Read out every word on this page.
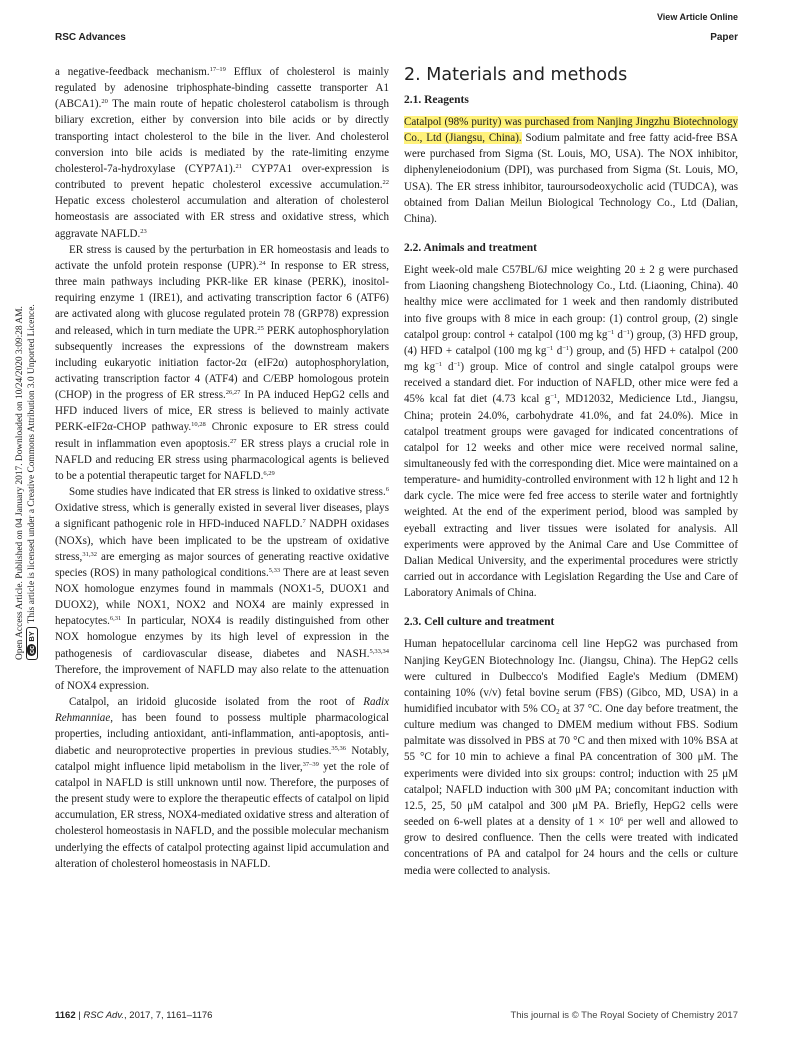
View Article Online
RSC Advances	Paper
Open Access Article. Published on 04 January 2017. Downloaded on 10/24/2020 3:09:28 AM. ccBYThis article is licensed under a Creative Commons Attribution 3.0 Unported Licence.

a negative-feedback mechanism.$^{17-19}$ Efflux of cholesterol is mainly regulated by adenosine triphosphate-binding cassette transporter A1 (ABCA1).$^{20}$ The main route of hepatic cholesterol catabolism is through biliary excretion, either by conversion into bile acids or by directly transporting intact cholesterol to the bile in the liver. And cholesterol conversion into bile acids is mediated by the rate-limiting enzyme cholesterol-7a-hydroxylase (CYP7A1).$^{21}$ CYP7A1 over-expression is contributed to prevent hepatic cholesterol excessive accumulation.$^{22}$ Hepatic excess cholesterol accumulation and alteration of cholesterol homeostasis are associated with ER stress and oxidative stress, which aggravate NAFLD.$^{23}$

ER stress is caused by the perturbation in ER homeostasis and leads to activate the unfold protein response (UPR).$^{24}$ In response to ER stress, three main pathways including PKR-like ER kinase (PERK), inositol-requiring enzyme 1 (IRE1), and activating transcription factor 6 (ATF6) are activated along with glucose regulated protein 78 (GRP78) expression and released, which in turn mediate the UPR.$^{25}$ PERK autophosphorylation subsequently increases the expressions of the downstream makers including eukaryotic initiation factor-2α (eIF2α) autophosphorylation, activating transcription factor 4 (ATF4) and C/EBP homologous protein (CHOP) in the progress of ER stress.$^{26,27}$ In PA induced HepG2 cells and HFD induced livers of mice, ER stress is believed to mainly activate PERK-eIF2α-CHOP pathway.$^{10,28}$ Chronic exposure to ER stress could result in inflammation even apoptosis.$^{27}$ ER stress plays a crucial role in NAFLD and reducing ER stress using pharmacological agents is believed to be a potential therapeutic target for NAFLD.$^{6,29}$

Some studies have indicated that ER stress is linked to oxidative stress.$^6$ Oxidative stress, which is generally existed in several liver diseases, plays a significant pathogenic role in HFD-induced NAFLD.$^7$ NADPH oxidases (NOXs), which have been implicated to be the upstream of oxidative stress,$^{31,32}$ are emerging as major sources of generating reactive oxidative species (ROS) in many pathological conditions.$^{5,33}$ There are at least seven NOX homologue enzymes found in mammals (NOX1-5, DUOX1 and DUOX2), while NOX1, NOX2 and NOX4 are mainly expressed in hepatocytes.$^{6,31}$ In particular, NOX4 is readily distinguished from other NOX homologue enzymes by its high level of expression in the pathogenesis of cardiovascular disease, diabetes and NASH.$^{5,33,34}$ Therefore, the improvement of NAFLD may also relate to the attenuation of NOX4 expression.

Catalpol, an iridoid glucoside isolated from the root of Radix Rehmanniae, has been found to possess multiple pharmacological properties, including antioxidant, anti-inflammation, anti-apoptosis, anti-diabetic and neuroprotective properties in previous studies.$^{35,36}$ Notably, catalpol might influence lipid metabolism in the liver,$^{37-39}$ yet the role of catalpol in NAFLD is still unknown until now. Therefore, the purposes of the present study were to explore the therapeutic effects of catalpol on lipid accumulation, ER stress, NOX4-mediated oxidative stress and alteration of cholesterol homeostasis in NAFLD, and the possible molecular mechanism underlying the effects of catalpol protecting against lipid accumulation and alteration of cholesterol homeostasis in NAFLD.

2. Materials and methods
2.1. Reagents

Catalpol (98% purity) was purchased from Nanjing Jingzhu Biotechnology Co., Ltd (Jiangsu, China). Sodium palmitate and free fatty acid-free BSA were purchased from Sigma (St. Louis, MO, USA). The NOX inhibitor, diphenyleneiodonium (DPI), was purchased from Sigma (St. Louis, MO, USA). The ER stress inhibitor, tauroursodeoxycholic acid (TUDCA), was obtained from Dalian Meilun Biological Technology Co., Ltd (Dalian, China).

2.2. Animals and treatment

Eight week-old male C57BL/6J mice weighting 20 ± 2 g were purchased from Liaoning changsheng Biotechnology Co., Ltd. (Liaoning, China). 40 healthy mice were acclimated for 1 week and then randomly distributed into five groups with 8 mice in each group: (1) control group, (2) single catalpol group: control + catalpol (100 mg $kg^{-1}$ $d^{-1}$) group, (3) HFD group, (4) HFD + catalpol (100 mg $kg^{-1}$ $d^{-1}$) group, and (5) HFD + catalpol (200 mg $kg^{-1}$ $d^{-1}$) group. Mice of control and single catalpol groups were received a standard diet. For induction of NAFLD, other mice were fed a 45% kcal fat diet (4.73 kcal $g^{-1}$, MD12032, Medicience Ltd., Jiangsu, China; protein 24.0%, carbohydrate 41.0%, and fat 24.0%). Mice in catalpol treatment groups were gavaged for indicated concentrations of catalpol for 12 weeks and other mice were received normal saline, simultaneously fed with the corresponding diet. Mice were maintained on a temperature- and humidity-controlled environment with 12 h light and 12 h dark cycle. The mice were fed free access to sterile water and fortnightly weighted. At the end of the experiment period, blood was sampled by eyeball extracting and liver tissues were isolated for analysis. All experiments were approved by the Animal Care and Use Committee of Dalian Medical University, and the experimental procedures were strictly carried out in accordance with Legislation Regarding the Use and Care of Laboratory Animals of China.

2.3. Cell culture and treatment

Human hepatocellular carcinoma cell line HepG2 was purchased from Nanjing KeyGEN Biotechnology Inc. (Jiangsu, China). The HepG2 cells were cultured in Dulbecco's Modified Eagle's Medium (DMEM) containing 10% (v/v) fetal bovine serum (FBS) (Gibco, MD, USA) in a humidified incubator with 5% $CO_2$ at 37 °C. One day before treatment, the culture medium was changed to DMEM medium without FBS. Sodium palmitate was dissolved in PBS at 70 °C and then mixed with 10% BSA at 55 °C for 10 min to achieve a final PA concentration of 300 μM. The experiments were divided into six groups: control; induction with 25 μM catalpol; NAFLD induction with 300 μM PA; concomitant induction with 12.5, 25, 50 μM catalpol and 300 μM PA. Briefly, HepG2 cells were seeded on 6-well plates at a density of $1 \times 10^6$ per well and allowed to grow to desired confluence. Then the cells were treated with indicated concentrations of PA and catalpol for 24 hours and the cells or culture media were collected to analysis.

1162 | RSC Adv., 2017, 7, 1161–1176	This journal is © The Royal Society of Chemistry 2017
